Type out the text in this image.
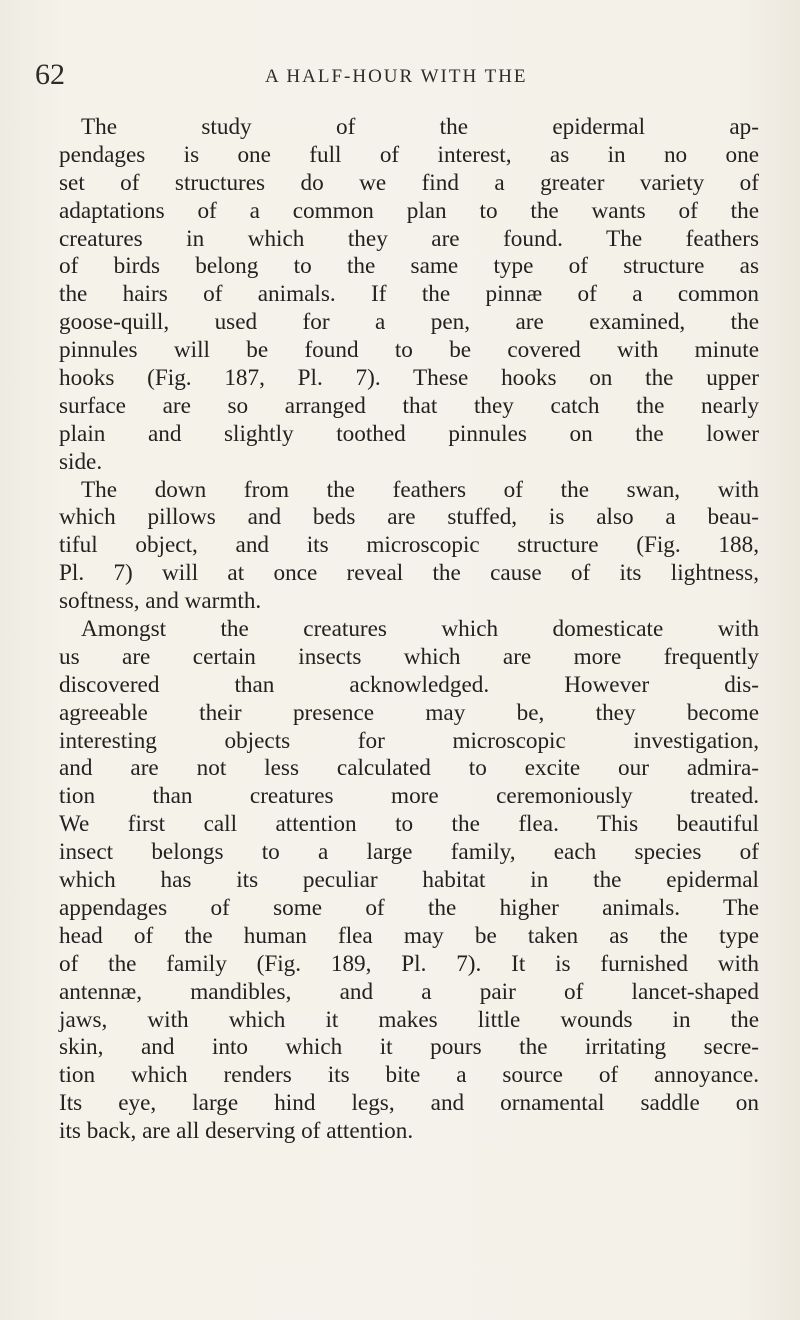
62	A HALF-HOUR WITH THE
The study of the epidermal ap-
pendages is one full of interest, as in no one
set of structures do we find a greater variety of
adaptations of a common plan to the wants of the
creatures in which they are found. The feathers
of birds belong to the same type of structure as
the hairs of animals. If the pinnæ of a common
goose-quill, used for a pen, are examined, the
pinnules will be found to be covered with minute
hooks (Fig. 187, Pl. 7). These hooks on the upper
surface are so arranged that they catch the nearly
plain and slightly toothed pinnules on the lower
side.
The down from the feathers of the swan, with
which pillows and beds are stuffed, is also a beau-
tiful object, and its microscopic structure (Fig. 188,
Pl. 7) will at once reveal the cause of its lightness,
softness, and warmth.
Amongst the creatures which domesticate with
us are certain insects which are more frequently
discovered than acknowledged. However dis-
agreeable their presence may be, they become
interesting objects for microscopic investigation,
and are not less calculated to excite our admira-
tion than creatures more ceremoniously treated.
We first call attention to the flea. This beautiful
insect belongs to a large family, each species of
which has its peculiar habitat in the epidermal
appendages of some of the higher animals. The
head of the human flea may be taken as the type
of the family (Fig. 189, Pl. 7). It is furnished with
antennæ, mandibles, and a pair of lancet-shaped
jaws, with which it makes little wounds in the
skin, and into which it pours the irritating secre-
tion which renders its bite a source of annoyance.
Its eye, large hind legs, and ornamental saddle on
its back, are all deserving of attention.
